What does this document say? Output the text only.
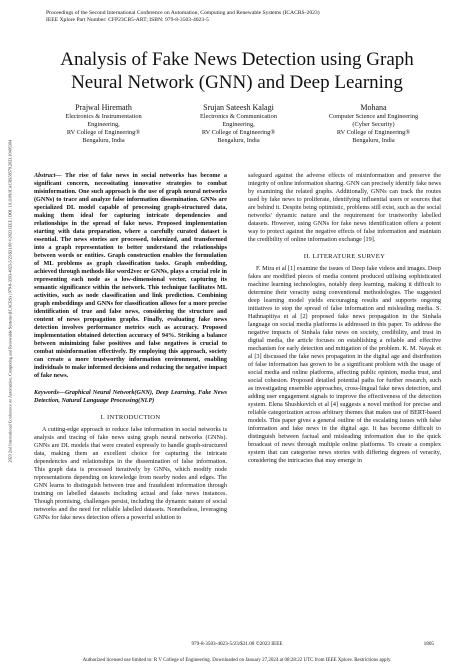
Proceedings of the Second International Conference on Automation, Computing and Renewable Systems (ICACRS-2023)
IEEE Xplore Part Number: CFP23CB5-ART; ISBN: 979-8-3503-4023-5
2023 2nd International Conference on Automation, Computing and Renewable Systems (ICACRS) | 979-8-3503-4023-5/23/$31.00 ©2023 IEEE | DOI: 10.1109/ICACRS58579.2023.10405304
Analysis of Fake News Detection using Graph Neural Network (GNN) and Deep Learning
Prajwal Hiremath
Electronics & Instrumentation
Engineering,
RV College of Engineering®
Bengaluru, India
Srujan Sateesh Kalagi
Electronics & Communication
Engineering,
RV College of Engineering®
Bengaluru, India
Mohana
Computer Science and Engineering
(Cyber Security)
RV College of Engineering®
Bengaluru, India

Abstract— The rise of fake news in social networks has become a significant concern, necessitating innovative strategies to combat misinformation. One such approach is the use of graph neural networks (GNNs) to trace and analyze false information dissemination. GNNs are specialized DL model capable of processing graph-structured data, making them ideal for capturing intricate dependencies and relationships in the spread of fake news. Proposed implementation starting with data preparation, where a carefully curated dataset is essential. The news stories are processed, tokenized, and transformed into a graph representation to better understand the relationships between words or entities. Graph construction enables the formulation of ML problems as graph classification tasks. Graph embedding, achieved through methods like word2vec or GNNs, plays a crucial role in representing each node as a low-dimensional vector, capturing its semantic significance within the network. This technique facilitates ML activities, such as node classification and link prediction. Combining graph embeddings and GNNs for classification allows for a more precise identification of true and false news, considering the structure and content of news propagation graphs. Finally, evaluating fake news detection involves performance metrics such as accuracy. Proposed implementation obtained detection accuracy of 94%. Striking a balance between minimizing false positives and false negatives is crucial to combat misinformation effectively. By employing this approach, society can create a more trustworthy information environment, enabling individuals to make informed decisions and reducing the negative impact of fake news.

Keywords—Graphical Neural Network(GNN), Deep Learning, Fake News Detection, Natural Language Processing(NLP)

I. INTRODUCTION

A cutting-edge approach to reduce false information in social networks is analysis and tracing of fake news using graph neural networks (GNNs). GNNs are DL models that were created expressly to handle graph-structured data, making them an excellent choice for capturing the intricate dependencies and relationships in the dissemination of false information. This graph data is processed iteratively by GNNs, which modify node representations depending on knowledge from nearby nodes and edges. The GNN learns to distinguish between true and fraudulent information through training on labelled datasets including actual and fake news instances. Though promising, challenges persist, including the dynamic nature of social networks and the need for reliable labelled datasets. Nonetheless, leveraging GNNs for fake news detection offers a powerful solution to

safeguard against the adverse effects of misinformation and preserve the integrity of online information sharing. GNN can precisely identify fake news by examining the related graphs. Additionally, GNNs can track the routes used by fake news to proliferate, identifying influential users or sources that are behind it. Despite being optimistic, problems still exist, such as the social networks' dynamic nature and the requirement for trustworthy labelled datasets. However, using GNNs for fake news identification offers a potent way to protect against the negative effects of false information and maintain the credibility of online information exchange [19].

II. LITERATURE SURVEY

F. Mira et al [1] examine the issues of Deep fake videos and images. Deep fakes are modified pieces of media content produced utilising sophisticated machine learning technologies, notably deep learning, making it difficult to determine their veracity using conventional methodologies. The suggested deep learning model yields encouraging results and supports ongoing initiatives to stop the spread of false information and misleading media. S. Hathnapitiya et al [2] proposed fake news propagation in the Sinhala language on social media platforms is addressed in this paper. To address the negative impacts of Sinhala fake news on society, credibility, and trust in digital media, the article focuses on establishing a reliable and effective mechanism for early detection and mitigation of the problem. K. M. Nayak et al [3] discussed the fake news propagation in the digital age and distribution of false information has grown to be a significant problem with the usage of social media and online platforms, affecting public opinion, media trust, and social cohesion. Proposed detailed potential paths for further research, such as investigating ensemble approaches, cross-lingual fake news detection, and adding user engagement signals to improve the effectiveness of the detection system. Elena Shushkevich et al [4] suggests a novel method for precise and reliable categorization across arbitrary themes that makes use of BERT-based models. This paper gives a general outline of the escalating issues with false information and fake news in the digital age. It has become difficult to distinguish between factual and misleading information due to the quick broadcast of news through multiple online platforms. To create a complex system that can categorise news stories with differing degrees of veracity, considering the intricacies that may emerge in

979-8-3503-4023-5/23/$31.00 ©2023 IEEE	1805
Authorized licensed use limited to: R V College of Engineering. Downloaded on January 27,2024 at 08:28:22 UTC from IEEE Xplore. Restrictions apply.
